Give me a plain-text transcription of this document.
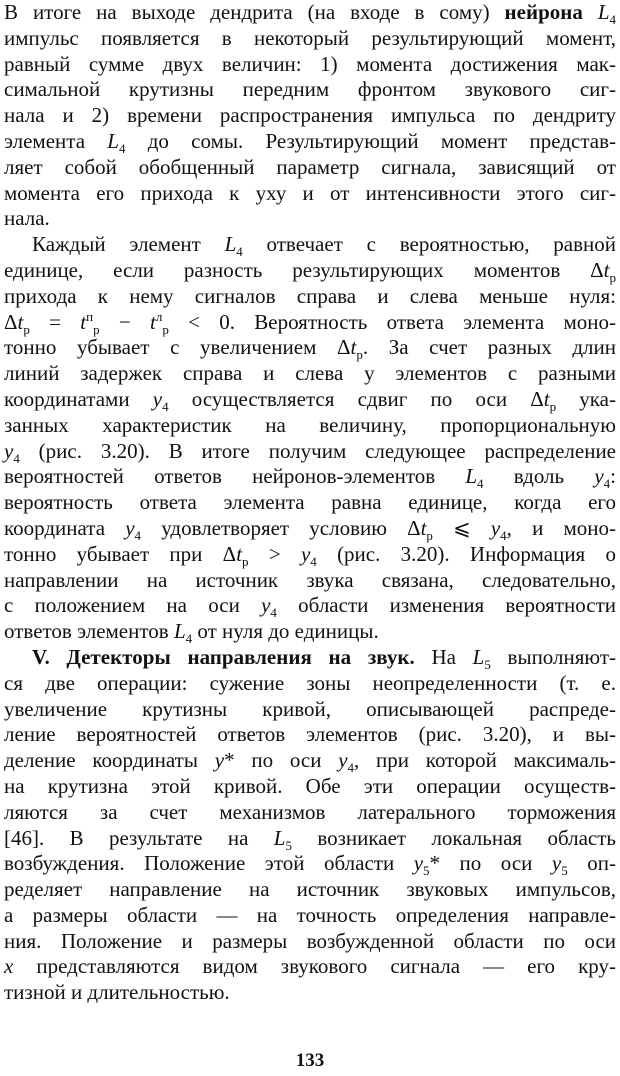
В итоге на выходе дендрита (на входе в сому) нейрона $L_4$
импульс появляется в некоторый результирующий момент,
равный сумме двух величин: 1) момента достижения мак-
симальной крутизны передним фронтом звукового сиг-
нала и 2) времени распространения импульса по дендриту
элемента $L_4$ до сомы. Результирующий момент представ-
ляет собой обобщенный параметр сигнала, зависящий от
момента его прихода к уху и от интенсивности этого сиг-
нала.
Каждый элемент $L_4$ отвечает с вероятностью, равной
единице, если разность результирующих моментов $\Delta t_p$
прихода к нему сигналов справа и слева меньше нуля:
$\Delta t_p = t^п_p - t^л_p < 0$. Вероятность ответа элемента моно-
тонно убывает с увеличением $\Delta t_p$. За счет разных длин
линий задержек справа и слева у элементов с разными
координатами $y_4$ осуществляется сдвиг по оси $\Delta t_p$ ука-
занных характеристик на величину, пропорциональную
$y_4$ (рис. 3.20). В итоге получим следующее распределение
вероятностей ответов нейронов-элементов $L_4$ вдоль $y_4$:
вероятность ответа элемента равна единице, когда его
координата $y_4$ удовлетворяет условию $\Delta t_p$ ⩽ $y_4$, и моно-
тонно убывает при $\Delta t_p > y_4$ (рис. 3.20). Информация о
направлении на источник звука связана, следовательно,
с положением на оси $y_4$ области изменения вероятности
ответов элементов $L_4$ от нуля до единицы.
V. Детекторы направления на звук. На $L_5$ выполняют-
ся две операции: сужение зоны неопределенности (т. е.
увеличение крутизны кривой, описывающей распреде-
ление вероятностей ответов элементов (рис. 3.20), и вы-
деление координаты y* по оси $y_4$, при которой максималь-
на крутизна этой кривой. Обе эти операции осуществ-
ляются за счет механизмов латерального торможения
[46]. В результате на $L_5$ возникает локальная область
возбуждения. Положение этой области $y_5*$ по оси $y_5$ оп-
ределяет направление на источник звуковых импульсов,
а размеры области — на точность определения направле-
ния. Положение и размеры возбужденной области по оси
x представляются видом звукового сигнала — его кру-
тизной и длительностью.
133
